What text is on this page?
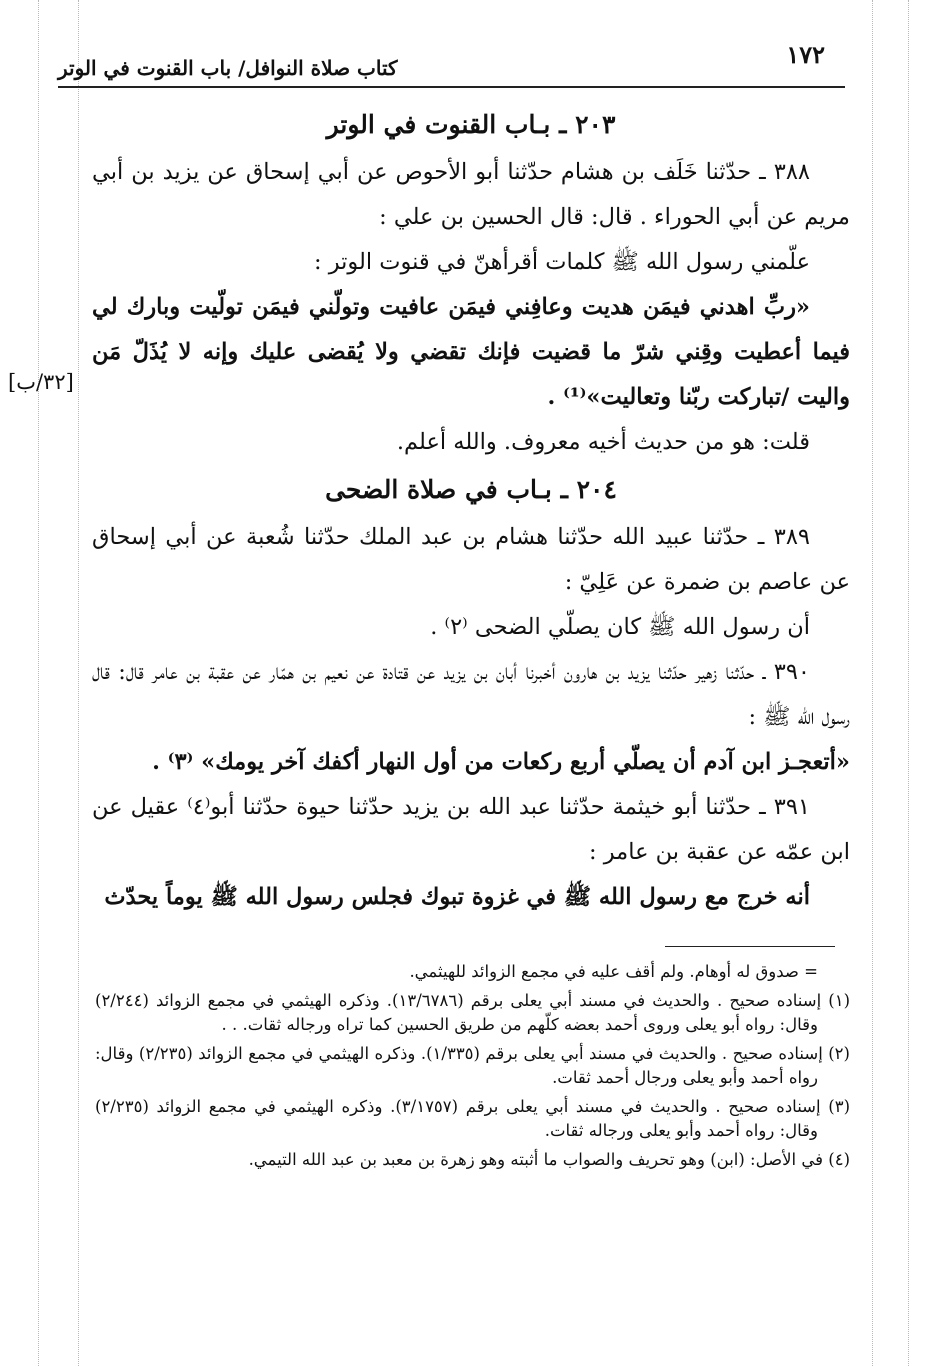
١٧٢
كتاب صلاة النوافل/ باب القنوت في الوتر

٢٠٣ ـ بـاب القنوت في الوتر

٣٨٨ ـ حدّثنا خَلَف بن هشام حدّثنا أبو الأحوص عن أبي إسحاق عن يزيد بن أبي مريم عن أبي الحوراء . قال: قال الحسين بن علي :

علّمني رسول الله ﷺ كلمات أقرأهنّ في قنوت الوتر :

«ربِّ اهدني فيمَن هديت وعافِني فيمَن عافيت وتولّني فيمَن تولّيت وبارك لي فيما أعطيت وقِني شرّ ما قضيت فإنك تقضي ولا يُقضى عليك وإنه لا يُذَلّ مَن واليت /تبارکت ربّنا وتعاليت»⁽¹⁾ .

قلت: هو من حديث أخيه معروف. والله أعلم.

٢٠٤ ـ بـاب في صلاة الضحى

٣٨٩ ـ حدّثنا عبيد الله حدّثنا هشام بن عبد الملك حدّثنا شُعبة عن أبي إسحاق عن عاصم بن ضمرة عن عَلِيّ :

أن رسول الله ﷺ كان يصلّي الضحى ⁽٢⁾ .

٣٩٠ ـ حدّثنا زهير حدّثنا يزيد بن هارون أخبرنا أبان بن يزيد عن قتادة عن نعيم بن همّار عن عقبة بن عامر قال: قال رسول الله ﷺ :

«أتعجـز ابن آدم أن يصلّي أربع ركعات من أول النهار أكفك آخر يومك» ⁽٣⁾ .

٣٩١ ـ حدّثنا أبو خيثمة حدّثنا عبد الله بن يزيد حدّثنا حيوة حدّثنا أبو⁽٤⁾ عقيل عن ابن عمّه عن عقبة بن عامر :

أنه خرج مع رسول الله ﷺ في غزوة تبوك فجلس رسول الله ﷺ يوماً يحدّث

[٣٢/ب]

= صدوق له أوهام. ولم أقف عليه في مجمع الزوائد للهيثمي.

(١) إسناده صحيح . والحديث في مسند أبي يعلى برقم (١٣/٦٧٨٦). وذكره الهيثمي في مجمع الزوائد (٢/٢٤٤) وقال: رواه أبو يعلى وروى أحمد بعضه كلّهم من طريق الحسين كما تراه ورجاله ثقات. . .

(٢) إسناده صحيح . والحديث في مسند أبي يعلى برقم (١/٣٣٥). وذكره الهيثمي في مجمع الزوائد (٢/٢٣٥) وقال: رواه أحمد وأبو يعلى ورجال أحمد ثقات.

(٣) إسناده صحيح . والحديث في مسند أبي يعلى برقم (٣/١٧٥٧). وذكره الهيثمي في مجمع الزوائد (٢/٢٣٥) وقال: رواه أحمد وأبو يعلى ورجاله ثقات.

(٤) في الأصل: (ابن) وهو تحريف والصواب ما أثبته وهو زهرة بن معبد بن عبد الله التيمي.
